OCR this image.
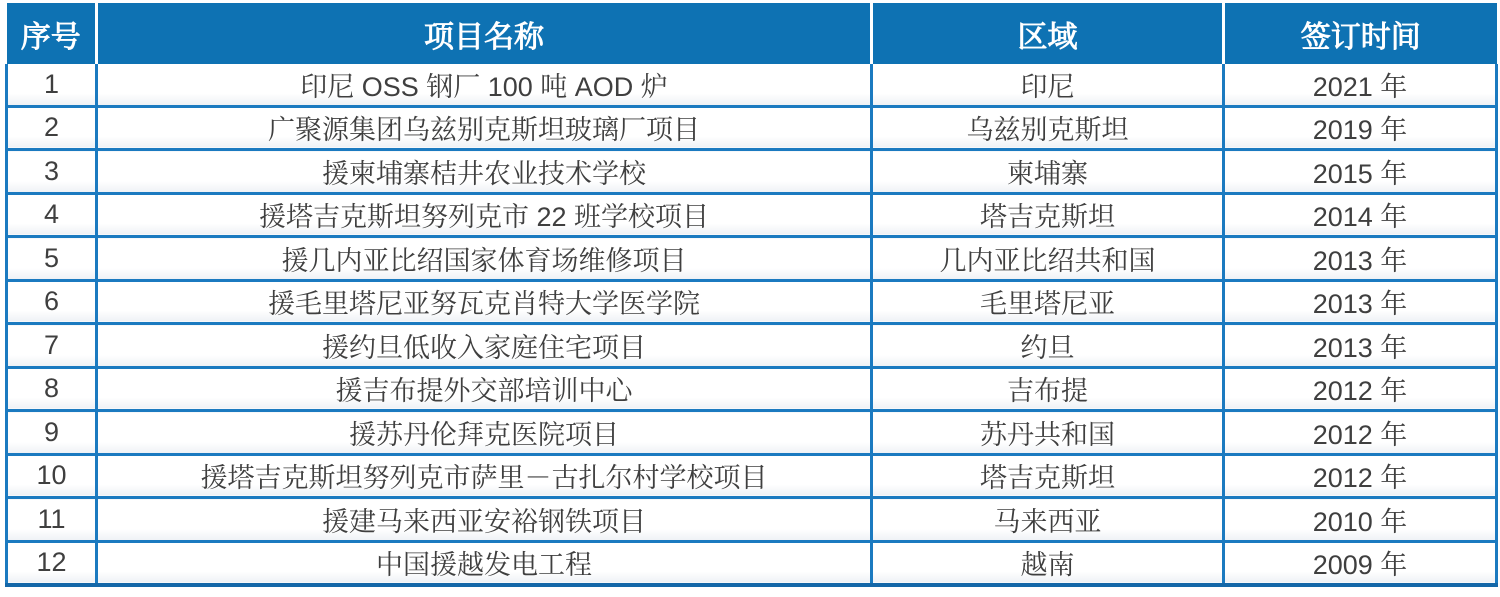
序号	项目名称	区域	签订时间
1	印尼 OSS 钢厂 100 吨 AOD 炉	印尼	2021 年
2	广聚源集团乌兹别克斯坦玻璃厂项目	乌兹别克斯坦	2019 年
3	援柬埔寨桔井农业技术学校	柬埔寨	2015 年
4	援塔吉克斯坦努列克市 22 班学校项目	塔吉克斯坦	2014 年
5	援几内亚比绍国家体育场维修项目	几内亚比绍共和国	2013 年
6	援毛里塔尼亚努瓦克肖特大学医学院	毛里塔尼亚	2013 年
7	援约旦低收入家庭住宅项目	约旦	2013 年
8	援吉布提外交部培训中心	吉布提	2012 年
9	援苏丹伦拜克医院项目	苏丹共和国	2012 年
10	援塔吉克斯坦努列克市萨里－古扎尔村学校项目	塔吉克斯坦	2012 年
11	援建马来西亚安裕钢铁项目	马来西亚	2010 年
12	中国援越发电工程	越南	2009 年
